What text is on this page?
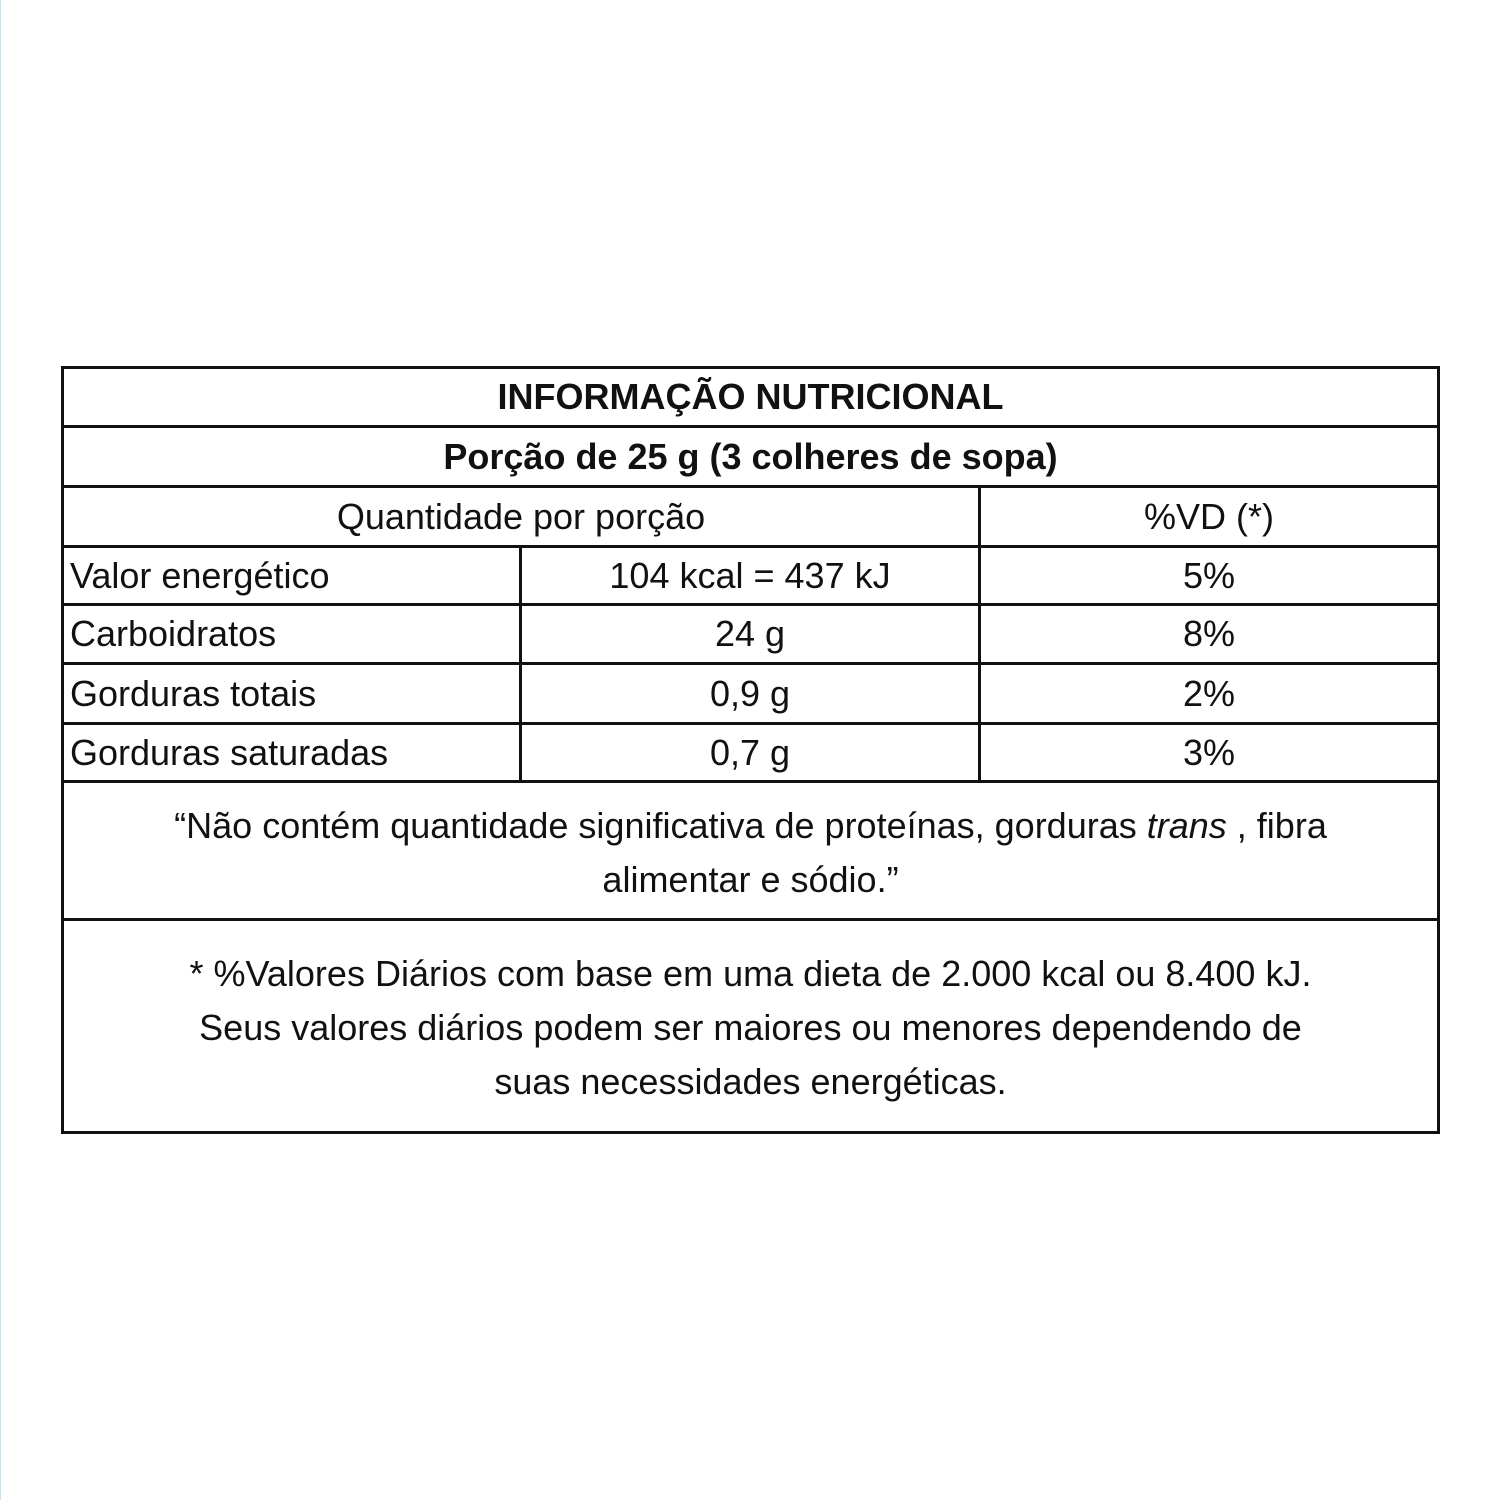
INFORMAÇÃO NUTRICIONAL
Porção de 25 g (3 colheres de sopa)
Quantidade por porção	%VD (*)
Valor energético	104 kcal = 437 kJ	5%
Carboidratos	24 g	8%
Gorduras totais	0,9 g	2%
Gorduras saturadas	0,7 g	3%
“Não contém quantidade significativa de proteínas, gorduras trans , fibra
alimentar e sódio.”
* %Valores Diários com base em uma dieta de 2.000 kcal ou 8.400 kJ.
Seus valores diários podem ser maiores ou menores dependendo de
suas necessidades energéticas.
